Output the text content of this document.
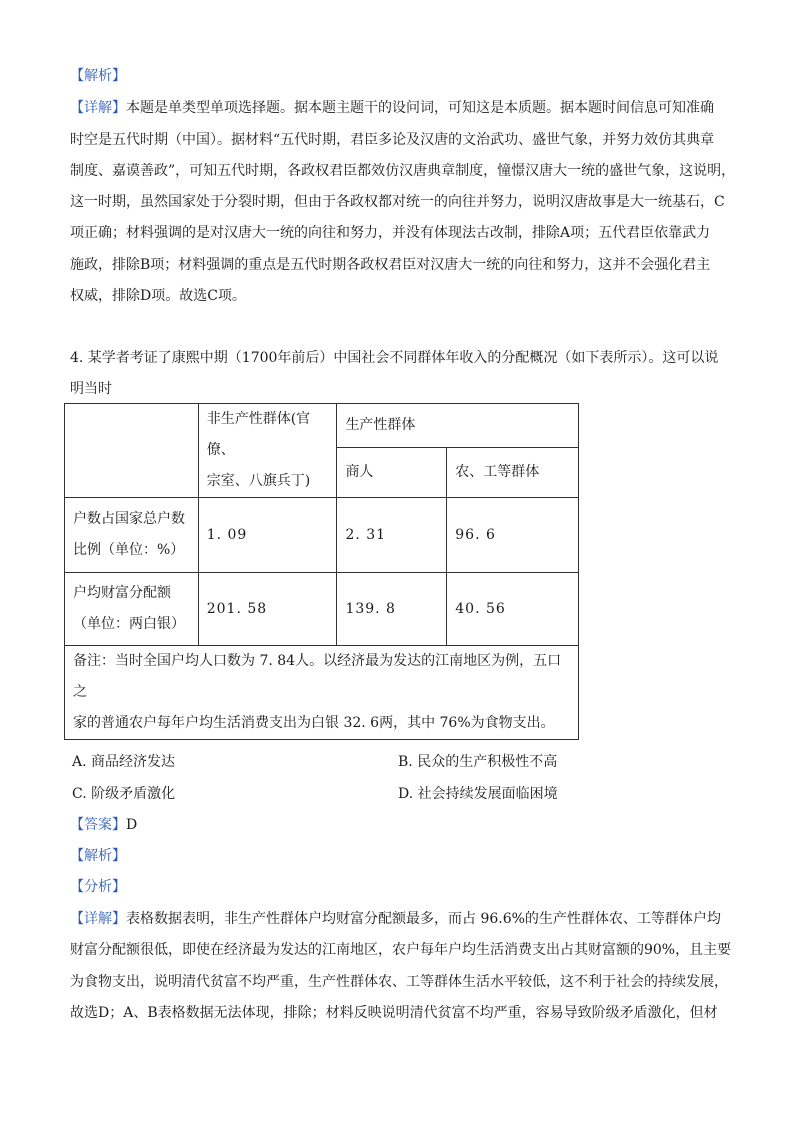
【解析】
【详解】本题是单类型单项选择题。据本题主题干的设问词，可知这是本质题。据本题时间信息可知准确
时空是五代时期（中国）。据材料“五代时期，君臣多论及汉唐的文治武功、盛世气象，并努力效仿其典章
制度、嘉谟善政”，可知五代时期，各政权君臣都效仿汉唐典章制度，憧憬汉唐大一统的盛世气象，这说明，
这一时期，虽然国家处于分裂时期，但由于各政权都对统一的向往并努力，说明汉唐故事是大一统基石，C
项正确；材料强调的是对汉唐大一统的向往和努力，并没有体现法古改制，排除A项；五代君臣依靠武力
施政，排除B项；材料强调的重点是五代时期各政权君臣对汉唐大一统的向往和努力，这并不会强化君主
权威，排除D项。故选C项。
4. 某学者考证了康熙中期（1700年前后）中国社会不同群体年收入的分配概况（如下表所示）。这可以说
明当时

	非生产性群体(官僚、
宗室、八旗兵丁)	生产性群体	
		商人	农、工等群体

户数占国家总户数
比例（单位：%）	1. 09	2. 31	96. 6

户均财富分配额
（单位：两白银）	201. 58	139. 8	40. 56

备注：当时全国户均人口数为 7. 84人。以经济最为发达的江南地区为例，五口之
家的普通农户每年户均生活消费支出为白银 32. 6两，其中 76%为食物支出。			
A. 商品经济发达	B. 民众的生产积极性不高
C. 阶级矛盾激化	D. 社会持续发展面临困境
【答案】D
【解析】
【分析】
【详解】表格数据表明，非生产性群体户均财富分配额最多，而占 96.6%的生产性群体农、工等群体户均
财富分配额很低，即使在经济最为发达的江南地区，农户每年户均生活消费支出占其财富额的90%，且主要
为食物支出，说明清代贫富不均严重，生产性群体农、工等群体生活水平较低，这不利于社会的持续发展，
故选D；A、B表格数据无法体现，排除；材料反映说明清代贫富不均严重，容易导致阶级矛盾激化，但材
